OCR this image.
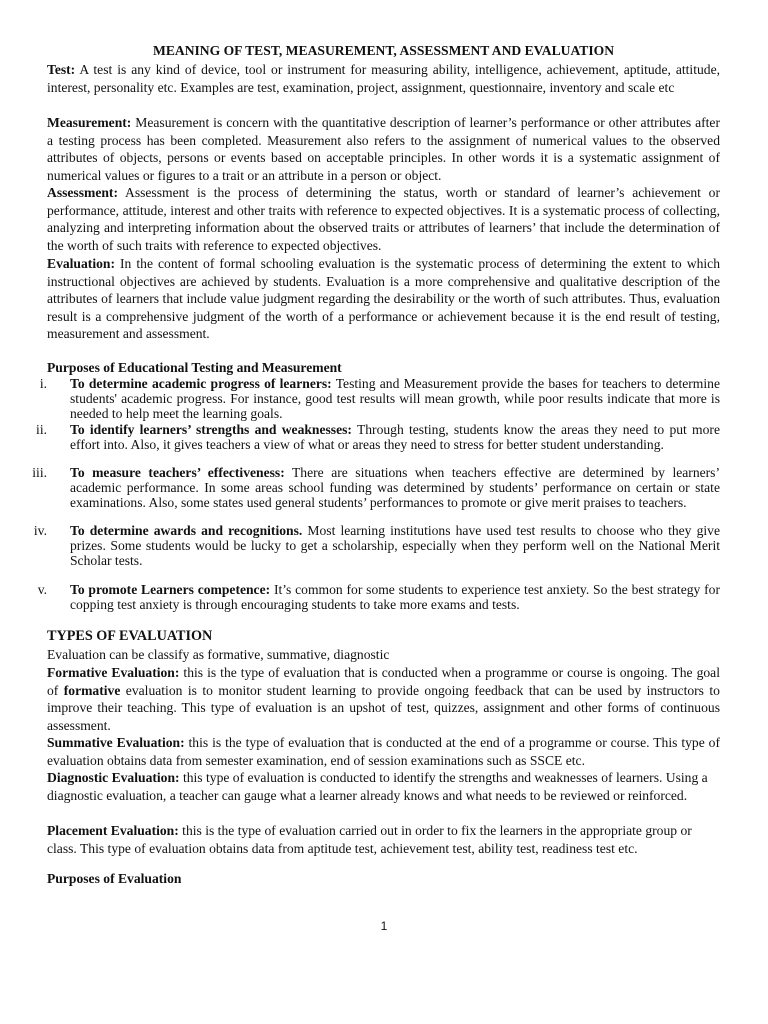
MEANING OF TEST, MEASUREMENT, ASSESSMENT AND EVALUATION

Test: A test is any kind of device, tool or instrument for measuring ability, intelligence, achievement, aptitude, attitude, interest, personality etc. Examples are test, examination, project, assignment, questionnaire, inventory and scale etc

Measurement: Measurement is concern with the quantitative description of learner’s performance or other attributes after a testing process has been completed. Measurement also refers to the assignment of numerical values to the observed attributes of objects, persons or events based on acceptable principles. In other words it is a systematic assignment of numerical values or figures to a trait or an attribute in a person or object.

Assessment: Assessment is the process of determining the status, worth or standard of learner’s achievement or performance, attitude, interest and other traits with reference to expected objectives. It is a systematic process of collecting, analyzing and interpreting information about the observed traits or attributes of learners’ that include the determination of the worth of such traits with reference to expected objectives.

Evaluation: In the content of formal schooling evaluation is the systematic process of determining the extent to which instructional objectives are achieved by students. Evaluation is a more comprehensive and qualitative description of the attributes of learners that include value judgment regarding the desirability or the worth of such attributes. Thus, evaluation result is a comprehensive judgment of the worth of a performance or achievement because it is the end result of testing, measurement and assessment.

Purposes of Educational Testing and Measurement

i. To determine academic progress of learners: Testing and Measurement provide the bases for teachers to determine students' academic progress. For instance, good test results will mean growth, while poor results indicate that more is needed to help meet the learning goals.
ii. To identify learners’ strengths and weaknesses: Through testing, students know the areas they need to put more effort into. Also, it gives teachers a view of what or areas they need to stress for better student understanding.
iii. To measure teachers’ effectiveness: There are situations when teachers effective are determined by learners’ academic performance. In some areas school funding was determined by students’ performance on certain or state examinations. Also, some states used general students’ performances to promote or give merit praises to teachers.
iv. To determine awards and recognitions. Most learning institutions have used test results to choose who they give prizes. Some students would be lucky to get a scholarship, especially when they perform well on the National Merit Scholar tests.
v. To promote Learners competence: It’s common for some students to experience test anxiety. So the best strategy for copping test anxiety is through encouraging students to take more exams and tests.

TYPES OF EVALUATION

Evaluation can be classify as formative, summative, diagnostic

Formative Evaluation: this is the type of evaluation that is conducted when a programme or course is ongoing. The goal of formative evaluation is to monitor student learning to provide ongoing feedback that can be used by instructors to improve their teaching. This type of evaluation is an upshot of test, quizzes, assignment and other forms of continuous assessment.

Summative Evaluation: this is the type of evaluation that is conducted at the end of a programme or course. This type of evaluation obtains data from semester examination, end of session examinations such as SSCE etc.

Diagnostic Evaluation: this type of evaluation is conducted to identify the strengths and weaknesses of learners. Using a diagnostic evaluation, a teacher can gauge what a learner already knows and what needs to be reviewed or reinforced.

Placement Evaluation: this is the type of evaluation carried out in order to fix the learners in the appropriate group or class. This type of evaluation obtains data from aptitude test, achievement test, ability test, readiness test etc.

Purposes of Evaluation

1
